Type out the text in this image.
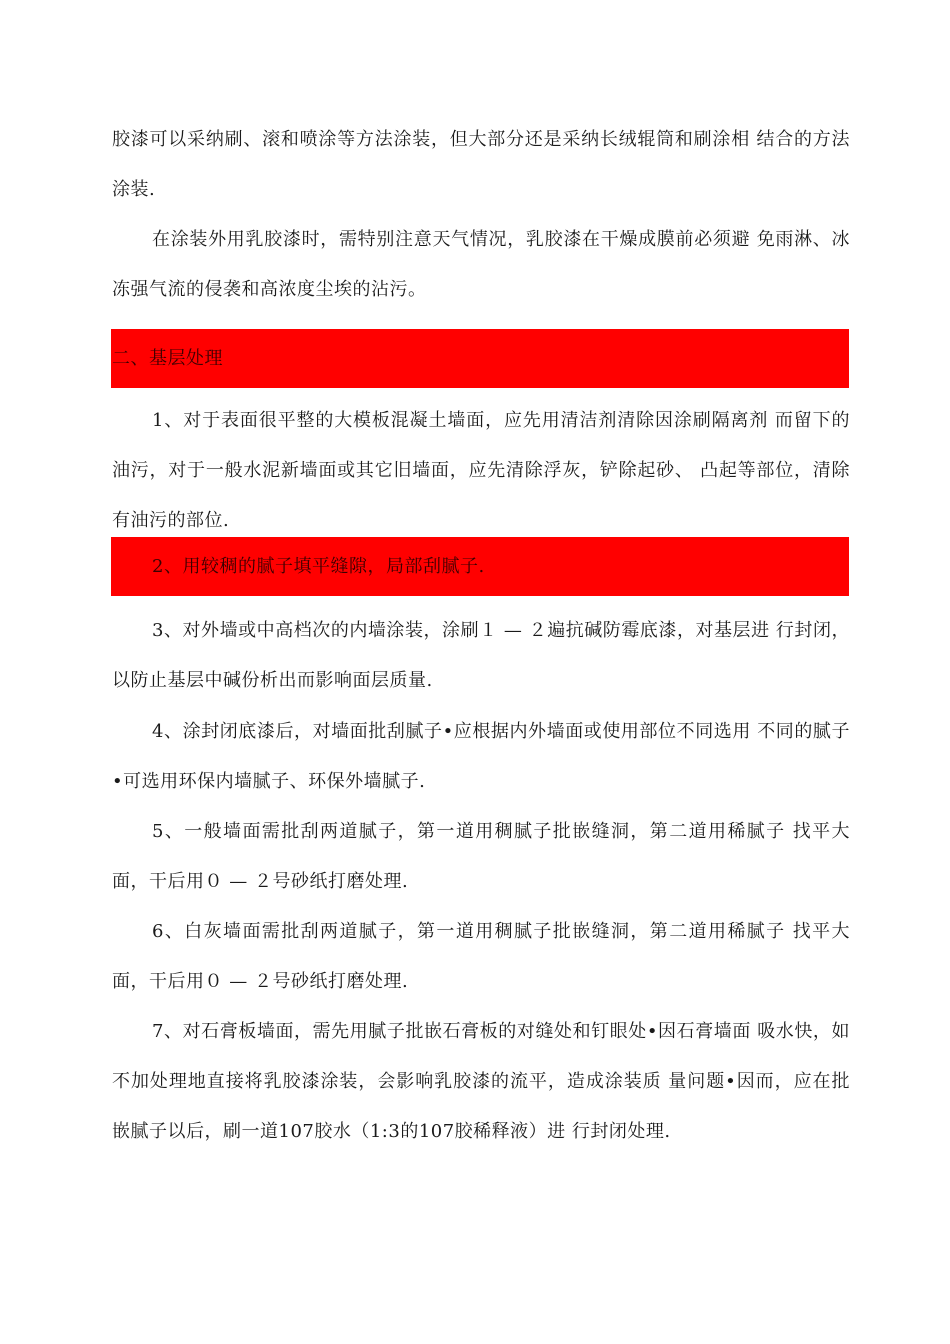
胶漆可以采纳刷、滚和喷涂等方法涂装，但大部分还是采纳长绒辊筒和刷涂相 结合的方法涂装.
在涂装外用乳胶漆时，需特别注意天气情况，乳胶漆在干燥成膜前必须避 免雨淋、冰冻强气流的侵袭和高浓度尘埃的沾污。
二、基层处理
1、对于表面很平整的大模板混凝土墙面，应先用清洁剂清除因涂刷隔离剂 而留下的油污，对于一般水泥新墙面或其它旧墙面，应先清除浮灰，铲除起砂、 凸起等部位，清除有油污的部位.
2、用较稠的腻子填平缝隙，局部刮腻子.
3、对外墙或中高档次的内墙涂装，涂刷１ — ２遍抗碱防霉底漆，对基层进 行封闭，以防止基层中碱份析出而影响面层质量.
4、涂封闭底漆后，对墙面批刮腻子•应根据内外墙面或使用部位不同选用 不同的腻子•可选用环保内墙腻子、环保外墙腻子.
5、一般墙面需批刮两道腻子，第一道用稠腻子批嵌缝洞，第二道用稀腻子 找平大面，干后用０ — ２号砂纸打磨处理.
6、白灰墙面需批刮两道腻子，第一道用稠腻子批嵌缝洞，第二道用稀腻子 找平大面，干后用０ — ２号砂纸打磨处理.
7、对石膏板墙面，需先用腻子批嵌石膏板的对缝处和钉眼处•因石膏墙面 吸水快，如不加处理地直接将乳胶漆涂装，会影响乳胶漆的流平，造成涂装质 量问题•因而，应在批嵌腻子以后，刷一道107胶水（1:3的107胶稀释液）进 行封闭处理.
